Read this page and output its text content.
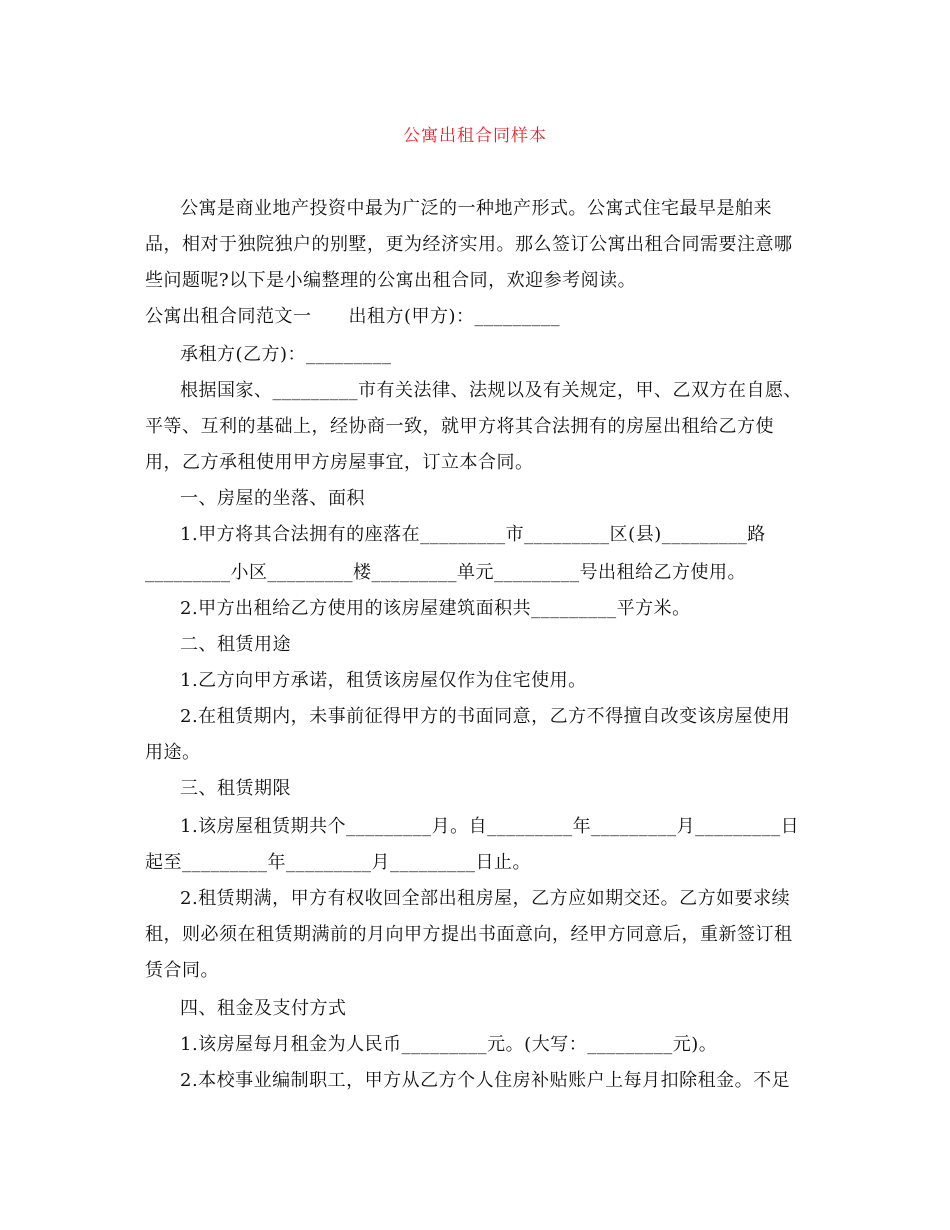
公寓出租合同样本
公寓是商业地产投资中最为广泛的一种地产形式。公寓式住宅最早是舶来
品，相对于独院独户的别墅，更为经济实用。那么签订公寓出租合同需要注意哪
些问题呢?以下是小编整理的公寓出租合同，欢迎参考阅读。
公寓出租合同范文一　　出租方(甲方)：_________
承租方(乙方)：_________
根据国家、_________市有关法律、法规以及有关规定，甲、乙双方在自愿、
平等、互利的基础上，经协商一致，就甲方将其合法拥有的房屋出租给乙方使
用，乙方承租使用甲方房屋事宜，订立本合同。
一、房屋的坐落、面积
1.甲方将其合法拥有的座落在_________市_________区(县)_________路
_________小区_________楼_________单元_________号出租给乙方使用。
2.甲方出租给乙方使用的该房屋建筑面积共_________平方米。
二、租赁用途
1.乙方向甲方承诺，租赁该房屋仅作为住宅使用。
2.在租赁期内，未事前征得甲方的书面同意，乙方不得擅自改变该房屋使用
用途。
三、租赁期限
1.该房屋租赁期共个_________月。自_________年_________月_________日
起至_________年_________月_________日止。
2.租赁期满，甲方有权收回全部出租房屋，乙方应如期交还。乙方如要求续
租，则必须在租赁期满前的月向甲方提出书面意向，经甲方同意后，重新签订租
赁合同。
四、租金及支付方式
1.该房屋每月租金为人民币_________元。(大写：_________元)。
2.本校事业编制职工，甲方从乙方个人住房补贴账户上每月扣除租金。不足
